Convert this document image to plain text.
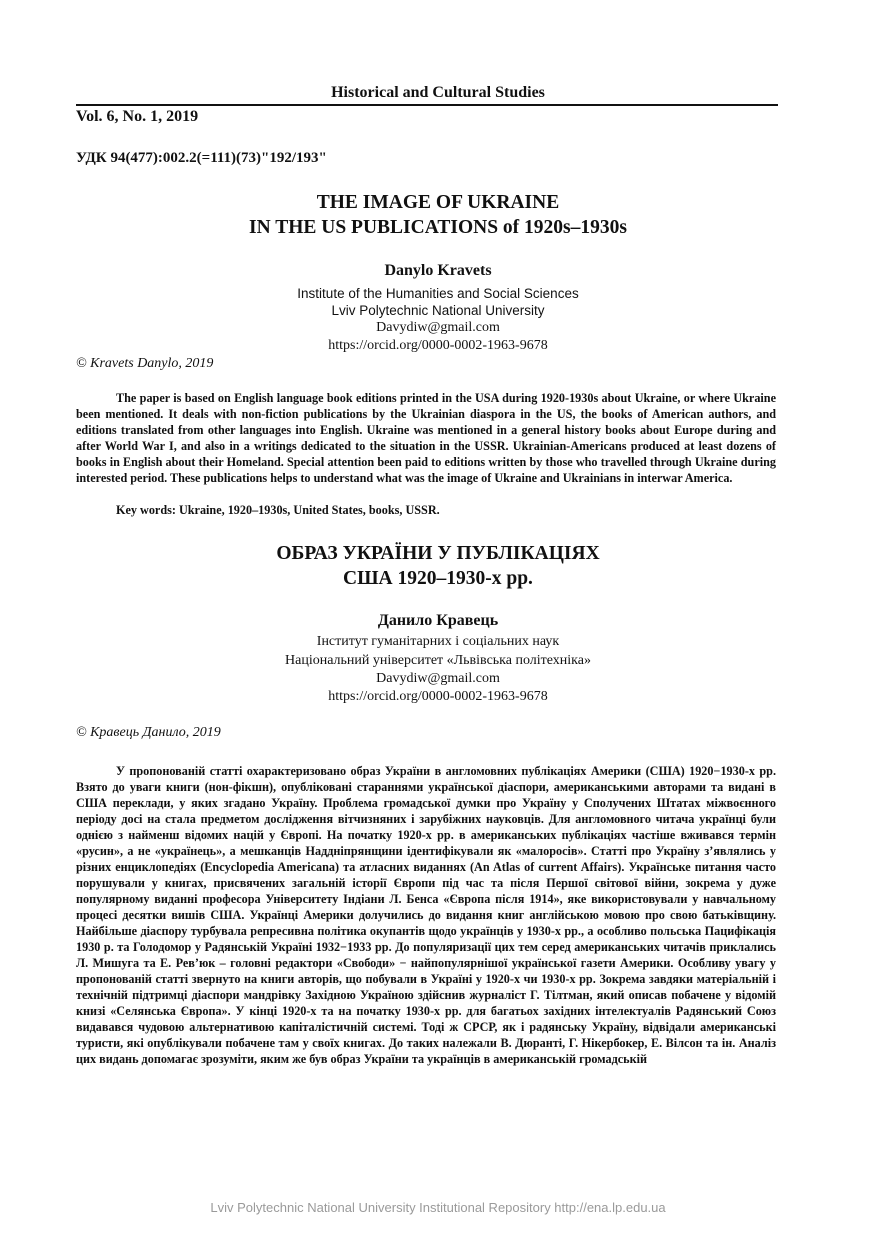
Historical and Cultural Studies
Vol. 6, No. 1, 2019
УДК 94(477):002.2(=111)(73)"192/193"
THE IMAGE OF UKRAINE
IN THE US PUBLICATIONS of 1920s–1930s
Danylo Kravets
Institute of the Humanities and Social Sciences
Lviv Polytechnic National University
Davydiw@gmail.com
https://orcid.org/0000-0002-1963-9678
© Kravets Danylo, 2019

The paper is based on English language book editions printed in the USA during 1920-1930s about Ukraine, or where Ukraine been mentioned. It deals with non-fiction publications by the Ukrainian diaspora in the US, the books of American authors, and editions translated from other languages into English. Ukraine was mentioned in a general history books about Europe during and after World War I, and also in a writings dedicated to the situation in the USSR. Ukrainian-Americans produced at least dozens of books in English about their Homeland. Special attention been paid to editions written by those who travelled through Ukraine during interested period. These publications helps to understand what was the image of Ukraine and Ukrainians in interwar America.

Key words: Ukraine, 1920–1930s, United States, books, USSR.
ОБРАЗ УКРАЇНИ У ПУБЛІКАЦІЯХ
США 1920–1930-х рр.
Данило Кравець
Інститут гуманітарних і соціальних наук
Національний університет «Львівська політехніка»
Davydiw@gmail.com
https://orcid.org/0000-0002-1963-9678
© Кравець Данило, 2019

У пропонованій статті охарактеризовано образ України в англомовних публікаціях Америки (США) 1920−1930-х рр. Взято до уваги книги (нон-фікшн), опубліковані стараннями української діаспори, американськими авторами та видані в США переклади, у яких згадано Україну. Проблема громадської думки про Україну у Сполучених Штатах міжвоєнного періоду досі на стала предметом дослідження вітчизняних і зарубіжних науковців. Для англомовного читача українці були однією з найменш відомих націй у Європі. На початку 1920-х рр. в американських публікаціях частіше вживався термін «русин», а не «українець», а мешканців Наддніпрянщини ідентифікували як «малоросів». Статті про Україну з’являлись у різних енциклопедіях (Encyclopedia Americana) та атласних виданнях (An Atlas of current Affairs). Українське питання часто порушували у книгах, присвячених загальній історії Європи під час та після Першої світової війни, зокрема у дуже популярному виданні професора Університету Індіани Л. Бенса «Європа після 1914», яке використовували у навчальному процесі десятки вишів США. Українці Америки долучились до видання книг англійською мовою про свою батьківщину. Найбільше діаспору турбувала репресивна політика окупантів щодо українців у 1930-х рр., а особливо польська Пацифікація 1930 р. та Голодомор у Радянській Україні 1932−1933 рр. До популяризації цих тем серед американських читачів приклались Л. Мишуга та Е. Рев’юк – головні редактори «Свободи» − найпопулярнішої української газети Америки. Особливу увагу у пропонованій статті звернуто на книги авторів, що побували в Україні у 1920-х чи 1930-х рр. Зокрема завдяки матеріальній і технічній підтримці діаспори мандрівку Західною Україною здійснив журналіст Г. Тілтман, який описав побачене у відомій книзі «Селянська Європа». У кінці 1920-х та на початку 1930-х рр. для багатьох західних інтелектуалів Радянський Союз видавався чудовою альтернативою капіталістичній системі. Тоді ж СРСР, як і радянську Україну, відвідали американські туристи, які опублікували побачене там у своїх книгах. До таких належали В. Дюранті, Г. Нікербокер, Е. Вілсон та ін. Аналіз цих видань допомагає зрозуміти, яким же був образ України та українців в американській громадській

Lviv Polytechnic National University Institutional Repository http://ena.lp.edu.ua
